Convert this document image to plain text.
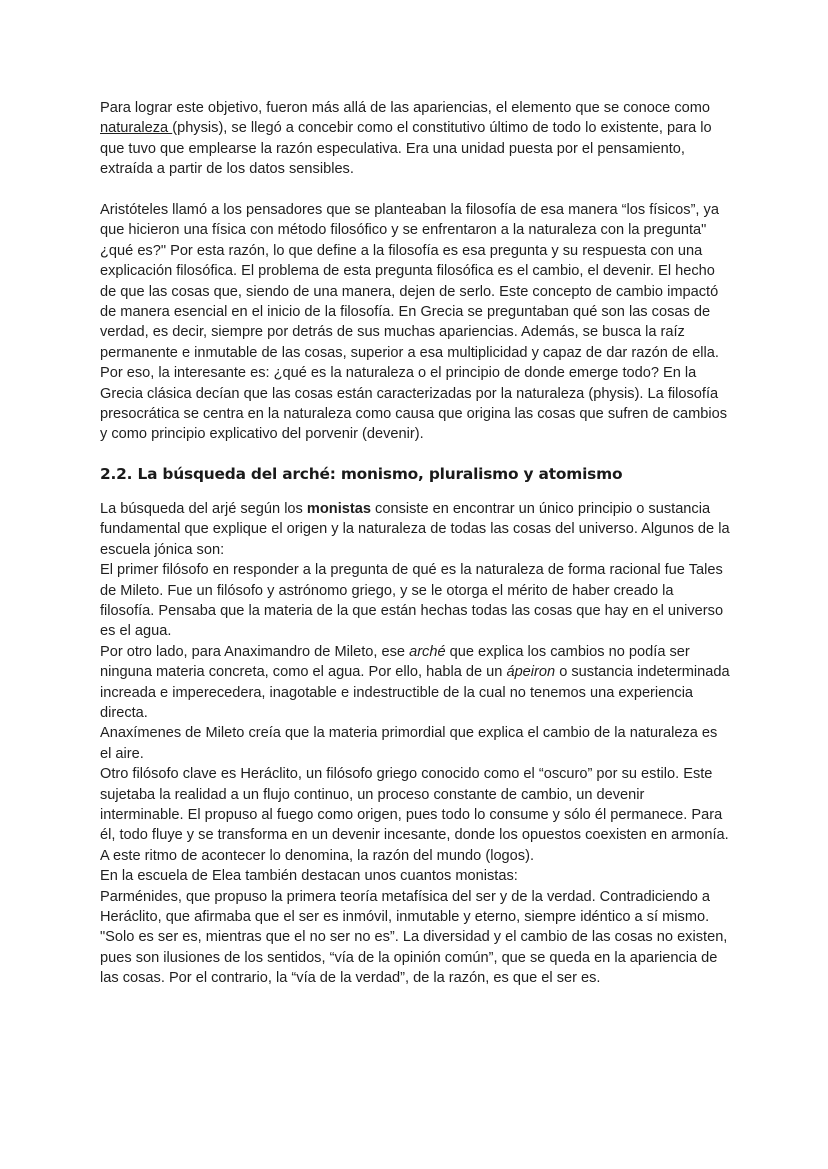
Para lograr este objetivo, fueron más allá de las apariencias, el elemento que se conoce como naturaleza (physis), se llegó a concebir como el constitutivo último de todo lo existente, para lo que tuvo que emplearse la razón especulativa. Era una unidad puesta por el pensamiento, extraída a partir de los datos sensibles.

Aristóteles llamó a los pensadores que se planteaban la filosofía de esa manera “los físicos”, ya que hicieron una física con método filosófico y se enfrentaron a la naturaleza con la pregunta" ¿qué es?" Por esta razón, lo que define a la filosofía es esa pregunta y su respuesta con una explicación filosófica. El problema de esta pregunta filosófica es el cambio, el devenir. El hecho de que las cosas que, siendo de una manera, dejen de serlo. Este concepto de cambio impactó de manera esencial en el inicio de la filosofía. En Grecia se preguntaban qué son las cosas de verdad, es decir, siempre por detrás de sus muchas apariencias. Además, se busca la raíz permanente e inmutable de las cosas, superior a esa multiplicidad y capaz de dar razón de ella. Por eso, la interesante es: ¿qué es la naturaleza o el principio de donde emerge todo? En la Grecia clásica decían que las cosas están caracterizadas por la naturaleza (physis). La filosofía presocrática se centra en la naturaleza como causa que origina las cosas que sufren de cambios y como principio explicativo del porvenir (devenir).

2.2. La búsqueda del arché: monismo, pluralismo y atomismo

La búsqueda del arjé según los monistas consiste en encontrar un único principio o sustancia fundamental que explique el origen y la naturaleza de todas las cosas del universo. Algunos de la escuela jónica son:

El primer filósofo en responder a la pregunta de qué es la naturaleza de forma racional fue Tales de Mileto. Fue un filósofo y astrónomo griego, y se le otorga el mérito de haber creado la filosofía. Pensaba que la materia de la que están hechas todas las cosas que hay en el universo es el agua.

Por otro lado, para Anaximandro de Mileto, ese arché que explica los cambios no podía ser ninguna materia concreta, como el agua. Por ello, habla de un ápeiron o sustancia indeterminada increada e imperecedera, inagotable e indestructible de la cual no tenemos una experiencia directa.

Anaxímenes de Mileto creía que la materia primordial que explica el cambio de la naturaleza es el aire.

Otro filósofo clave es Heráclito, un filósofo griego conocido como el “oscuro” por su estilo. Este sujetaba la realidad a un flujo continuo, un proceso constante de cambio, un devenir interminable. El propuso al fuego como origen, pues todo lo consume y sólo él permanece. Para él, todo fluye y se transforma en un devenir incesante, donde los opuestos coexisten en armonía. A este ritmo de acontecer lo denomina, la razón del mundo (logos).

En la escuela de Elea también destacan unos cuantos monistas:

Parménides, que propuso la primera teoría metafísica del ser y de la verdad. Contradiciendo a Heráclito, que afirmaba que el ser es inmóvil, inmutable y eterno, siempre idéntico a sí mismo. "Solo es ser es, mientras que el no ser no es”. La diversidad y el cambio de las cosas no existen, pues son ilusiones de los sentidos, “vía de la opinión común”, que se queda en la apariencia de las cosas. Por el contrario, la “vía de la verdad”, de la razón, es que el ser es.
